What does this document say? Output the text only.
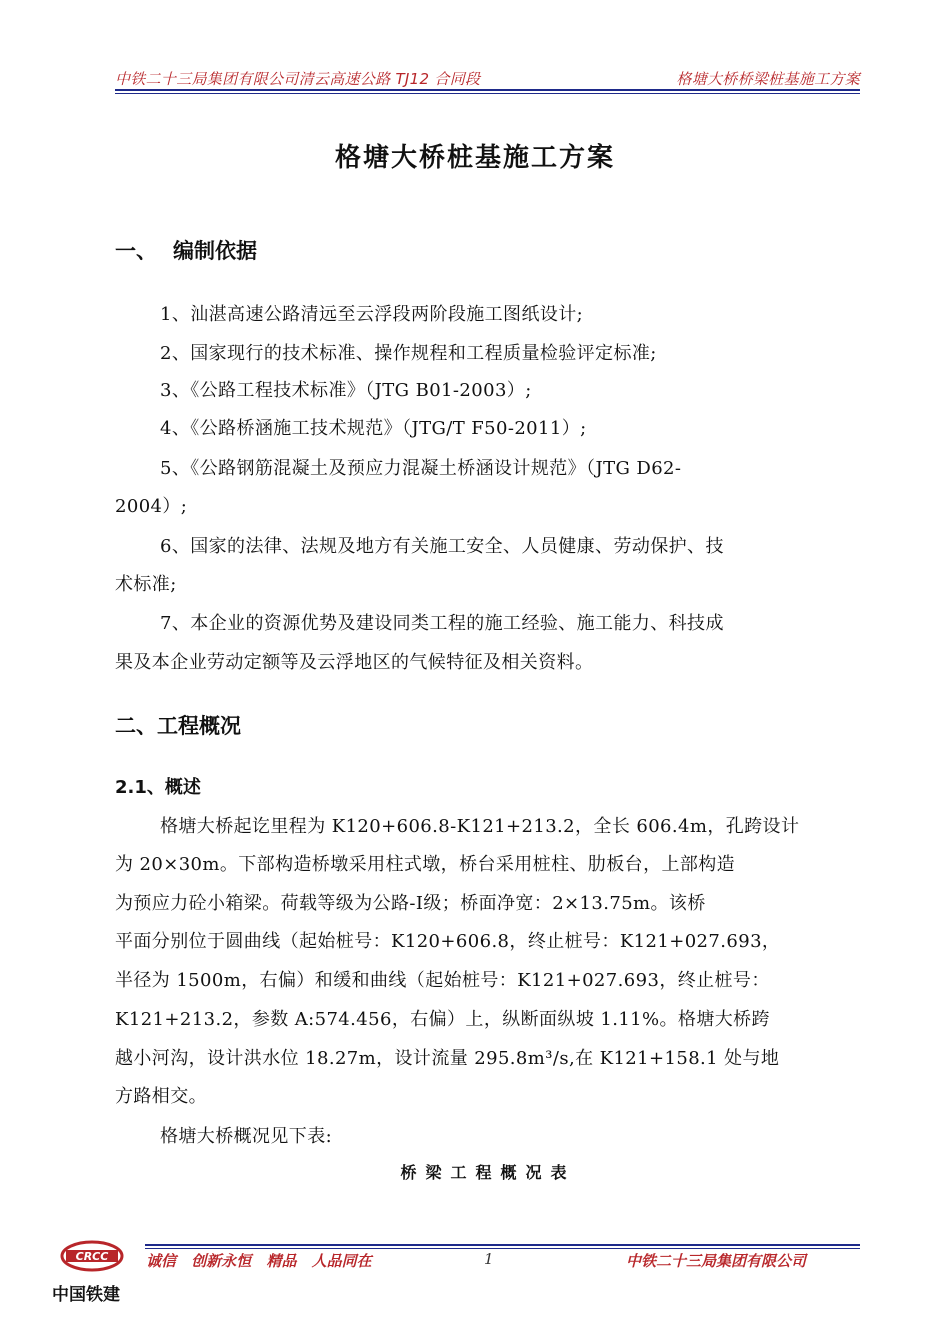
中铁二十三局集团有限公司清云高速公路 TJ12 合同段	格塘大桥桥梁桩基施工方案
格塘大桥桩基施工方案
一、 编制依据
1、汕湛高速公路清远至云浮段两阶段施工图纸设计;
2、国家现行的技术标准、操作规程和工程质量检验评定标准;
3、《公路工程技术标准》（JTG B01-2003）;
4、《公路桥涵施工技术规范》（JTG/T F50-2011）;
5、《公路钢筋混凝土及预应力混凝土桥涵设计规范》（JTG D62-
2004）;
6、国家的法律、法规及地方有关施工安全、人员健康、劳动保护、技
术标准;
7、本企业的资源优势及建设同类工程的施工经验、施工能力、科技成
果及本企业劳动定额等及云浮地区的气候特征及相关资料。
二、工程概况
2.1、概述
格塘大桥起讫里程为 K120+606.8-K121+213.2，全长 606.4m，孔跨设计
为 20×30m。下部构造桥墩采用柱式墩，桥台采用桩柱、肋板台，上部构造
为预应力砼小箱梁。荷载等级为公路-Ⅰ级；桥面净宽：2×13.75m。该桥
平面分别位于圆曲线（起始桩号：K120+606.8，终止桩号：K121+027.693，
半径为 1500m，右偏）和缓和曲线（起始桩号：K121+027.693，终止桩号：
K121+213.2，参数 A:574.456，右偏）上，纵断面纵坡 1.11%。格塘大桥跨
越小河沟，设计洪水位 18.27m，设计流量 295.8m³/s,在 K121+158.1 处与地
方路相交。
格塘大桥概况见下表:
桥梁工程概况表
CRCC
中国铁建
诚信 创新永恒 精品 人品同在	1	中铁二十三局集团有限公司
